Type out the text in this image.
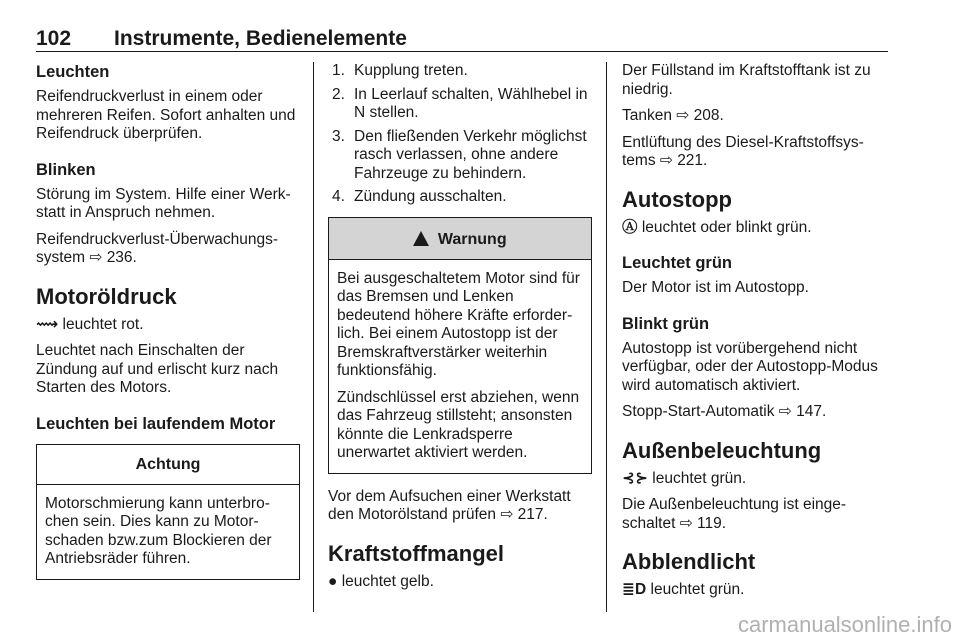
102 Instrumente, Bedienelemente
Leuchten
Reifendruckverlust in einem oder mehreren Reifen. Sofort anhalten und Reifendruck überprüfen.
Blinken
Störung im System. Hilfe einer Werkstatt in Anspruch nehmen.
Reifendruckverlust-Überwachungssystem ⇨ 236.
Motoröldruck
⟿ leuchtet rot.
Leuchtet nach Einschalten der Zündung auf und erlischt kurz nach Starten des Motors.
Leuchten bei laufendem Motor
Achtung
Motorschmierung kann unterbrochen sein. Dies kann zu Motorschaden bzw.zum Blockieren der Antriebsräder führen.
1. Kupplung treten.
2. In Leerlauf schalten, Wählhebel in N stellen.
3. Den fließenden Verkehr möglichst rasch verlassen, ohne andere Fahrzeuge zu behindern.
4. Zündung ausschalten.
Warnung
Bei ausgeschaltetem Motor sind für das Bremsen und Lenken bedeutend höhere Kräfte erforderlich. Bei einem Autostopp ist der Bremskraftverstärker weiterhin funktionsfähig.
Zündschlüssel erst abziehen, wenn das Fahrzeug stillsteht; ansonsten könnte die Lenkradsperre unerwartet aktiviert werden.
Vor dem Aufsuchen einer Werkstatt den Motorölstand prüfen ⇨ 217.
Kraftstoffmangel
● leuchtet gelb.
Der Füllstand im Kraftstofftank ist zu niedrig.
Tanken ⇨ 208.
Entlüftung des Diesel-Kraftstoffsystems ⇨ 221.
Autostopp
Ⓐ leuchtet oder blinkt grün.
Leuchtet grün
Der Motor ist im Autostopp.
Blinkt grün
Autostopp ist vorübergehend nicht verfügbar, oder der Autostopp-Modus wird automatisch aktiviert.
Stopp-Start-Automatik ⇨ 147.
Außenbeleuchtung
⊰⊱ leuchtet grün.
Die Außenbeleuchtung ist eingeschaltet ⇨ 119.
Abblendlicht
≣D leuchtet grün.
carmanualsonline.info
